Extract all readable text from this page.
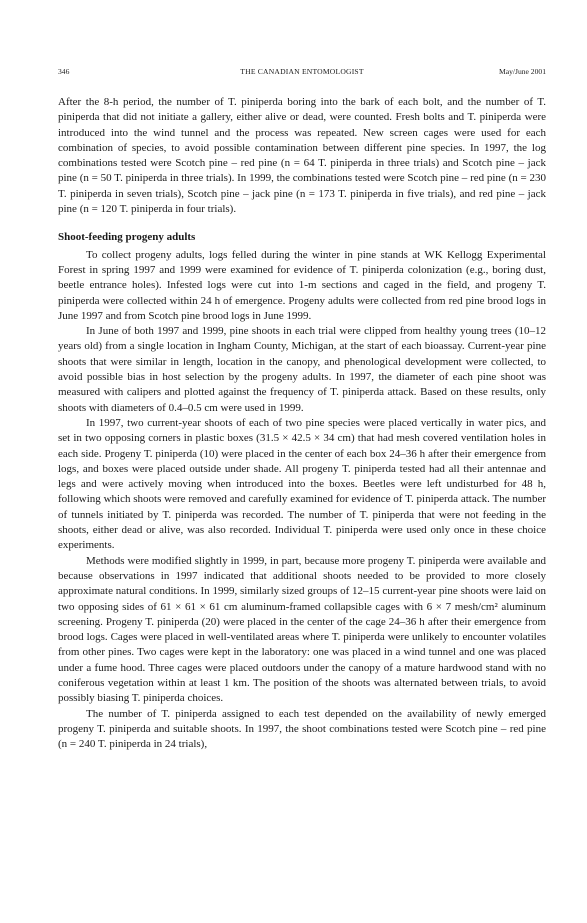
346	THE CANADIAN ENTOMOLOGIST	May/June 2001

After the 8-h period, the number of T. piniperda boring into the bark of each bolt, and the number of T. piniperda that did not initiate a gallery, either alive or dead, were counted. Fresh bolts and T. piniperda were introduced into the wind tunnel and the process was repeated. New screen cages were used for each combination of species, to avoid possible contamination between different pine species. In 1997, the log combinations tested were Scotch pine – red pine (n = 64 T. piniperda in three trials) and Scotch pine – jack pine (n = 50 T. piniperda in three trials). In 1999, the combinations tested were Scotch pine – red pine (n = 230 T. piniperda in seven trials), Scotch pine – jack pine (n = 173 T. piniperda in five trials), and red pine – jack pine (n = 120 T. piniperda in four trials).

Shoot-feeding progeny adults

To collect progeny adults, logs felled during the winter in pine stands at WK Kellogg Experimental Forest in spring 1997 and 1999 were examined for evidence of T. piniperda colonization (e.g., boring dust, beetle entrance holes). Infested logs were cut into 1-m sections and caged in the field, and progeny T. piniperda were collected within 24 h of emergence. Progeny adults were collected from red pine brood logs in June 1997 and from Scotch pine brood logs in June 1999.

In June of both 1997 and 1999, pine shoots in each trial were clipped from healthy young trees (10–12 years old) from a single location in Ingham County, Michigan, at the start of each bioassay. Current-year pine shoots that were similar in length, location in the canopy, and phenological development were collected, to avoid possible bias in host selection by the progeny adults. In 1997, the diameter of each pine shoot was measured with calipers and plotted against the frequency of T. piniperda attack. Based on these results, only shoots with diameters of 0.4–0.5 cm were used in 1999.

In 1997, two current-year shoots of each of two pine species were placed vertically in water pics, and set in two opposing corners in plastic boxes (31.5 × 42.5 × 34 cm) that had mesh covered ventilation holes in each side. Progeny T. piniperda (10) were placed in the center of each box 24–36 h after their emergence from logs, and boxes were placed outside under shade. All progeny T. piniperda tested had all their antennae and legs and were actively moving when introduced into the boxes. Beetles were left undisturbed for 48 h, following which shoots were removed and carefully examined for evidence of T. piniperda attack. The number of tunnels initiated by T. piniperda was recorded. The number of T. piniperda that were not feeding in the shoots, either dead or alive, was also recorded. Individual T. piniperda were used only once in these choice experiments.

Methods were modified slightly in 1999, in part, because more progeny T. piniperda were available and because observations in 1997 indicated that additional shoots needed to be provided to more closely approximate natural conditions. In 1999, similarly sized groups of 12–15 current-year pine shoots were laid on two opposing sides of 61 × 61 × 61 cm aluminum-framed collapsible cages with 6 × 7 mesh/cm² aluminum screening. Progeny T. piniperda (20) were placed in the center of the cage 24–36 h after their emergence from brood logs. Cages were placed in well-ventilated areas where T. piniperda were unlikely to encounter volatiles from other pines. Two cages were kept in the laboratory: one was placed in a wind tunnel and one was placed under a fume hood. Three cages were placed outdoors under the canopy of a mature hardwood stand with no coniferous vegetation within at least 1 km. The position of the shoots was alternated between trials, to avoid possibly biasing T. piniperda choices.

The number of T. piniperda assigned to each test depended on the availability of newly emerged progeny T. piniperda and suitable shoots. In 1997, the shoot combinations tested were Scotch pine – red pine (n = 240 T. piniperda in 24 trials),
